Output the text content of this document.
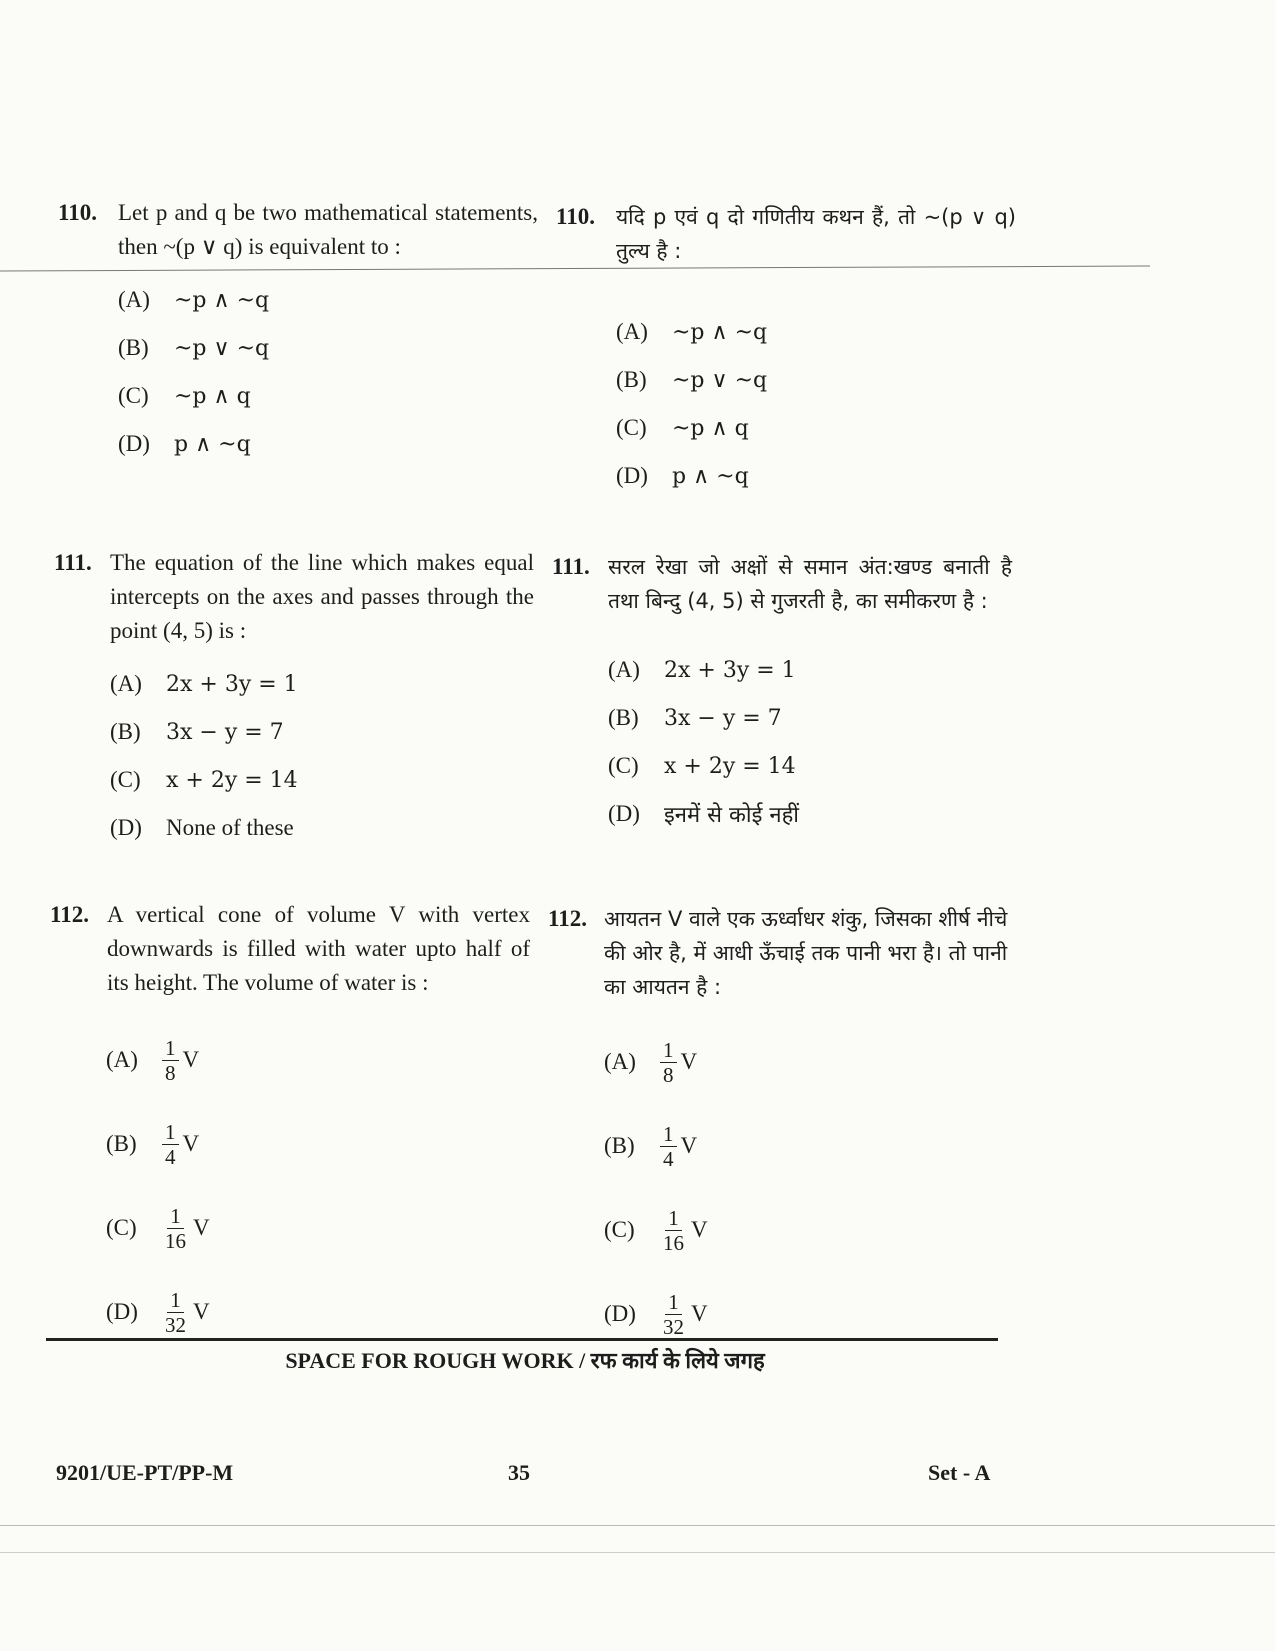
110. Let p and q be two mathematical statements, then ~(p ∨ q) is equivalent to :
(A)	~p ∧ ~q
(B)	~p ∨ ~q
(C)	~p ∧ q
(D)	p ∧ ~q
110. यदि p एवं q दो गणितीय कथन हैं, तो ~(p ∨ q) तुल्य है :
(A)	~p ∧ ~q
(B)	~p ∨ ~q
(C)	~p ∧ q
(D)	p ∧ ~q
111. The equation of the line which makes equal intercepts on the axes and passes through the point (4, 5) is :
(A)	2x + 3y = 1
(B)	3x − y = 7
(C)	x + 2y = 14
(D)	None of these
111. सरल रेखा जो अक्षों से समान अंत:खण्ड बनाती है तथा बिन्दु (4, 5) से गुजरती है, का समीकरण है :
(A)	2x + 3y = 1
(B)	3x − y = 7
(C)	x + 2y = 14
(D)	इनमें से कोई नहीं
112. A vertical cone of volume V with vertex downwards is filled with water upto half of its height. The volume of water is :
(A)	$\frac{1}{8}$ V
(B)	$\frac{1}{4}$ V
(C)	$\frac{1}{16}$ V
(D)	$\frac{1}{32}$ V
112. आयतन V वाले एक ऊर्ध्वाधर शंकु, जिसका शीर्ष नीचे की ओर है, में आधी ऊँचाई तक पानी भरा है। तो पानी का आयतन है :
(A)	$\frac{1}{8}$ V
(B)	$\frac{1}{4}$ V
(C)	$\frac{1}{16}$ V
(D)	$\frac{1}{32}$ V
SPACE FOR ROUGH WORK / रफ कार्य के लिये जगह
9201/UE-PT/PP-M	35	Set - A
